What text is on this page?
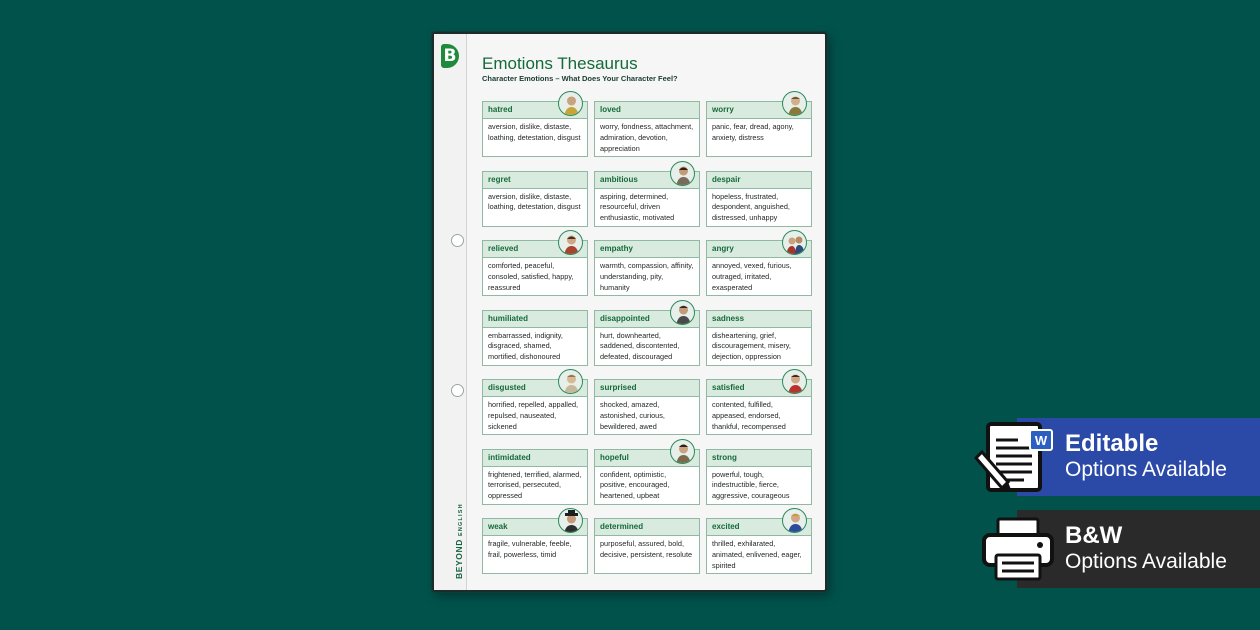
B
BEYONDENGLISH
Emotions Thesaurus
Character Emotions – What Does Your Character Feel?
hatred
aversion, dislike, distaste, loathing, detestation, disgust
loved
worry, fondness, attachment, admiration, devotion, appreciation
worry
panic, fear, dread, agony, anxiety, distress
regret
aversion, dislike, distaste, loathing, detestation, disgust
ambitious
aspiring, determined, resourceful, driven enthusiastic, motivated
despair
hopeless, frustrated, despondent, anguished, distressed, unhappy
relieved
comforted, peaceful, consoled, satisfied, happy, reassured
empathy
warmth, compassion, affinity, understanding, pity, humanity
angry
annoyed, vexed, furious, outraged, irritated, exasperated
humiliated
embarrassed, indignity, disgraced, shamed, mortified, dishonoured
disappointed
hurt, downhearted, saddened, discontented, defeated, discouraged
sadness
disheartening, grief, discouragement, misery, dejection, oppression
disgusted
horrified, repelled, appalled, repulsed, nauseated, sickened
surprised
shocked, amazed, astonished, curious, bewildered, awed
satisfied
contented, fulfilled, appeased, endorsed, thankful, recompensed
intimidated
frightened, terrified, alarmed, terrorised, persecuted, oppressed
hopeful
confident, optimistic, positive, encouraged, heartened, upbeat
strong
powerful, tough, indestructible, fierce, aggressive, courageous
weak
fragile, vulnerable, feeble, frail, powerless, timid
determined
purposeful, assured, bold, decisive, persistent, resolute
excited
thrilled, exhilarated, animated, enlivened, eager, spirited
Editable
Options Available
W
B&W
Options Available
